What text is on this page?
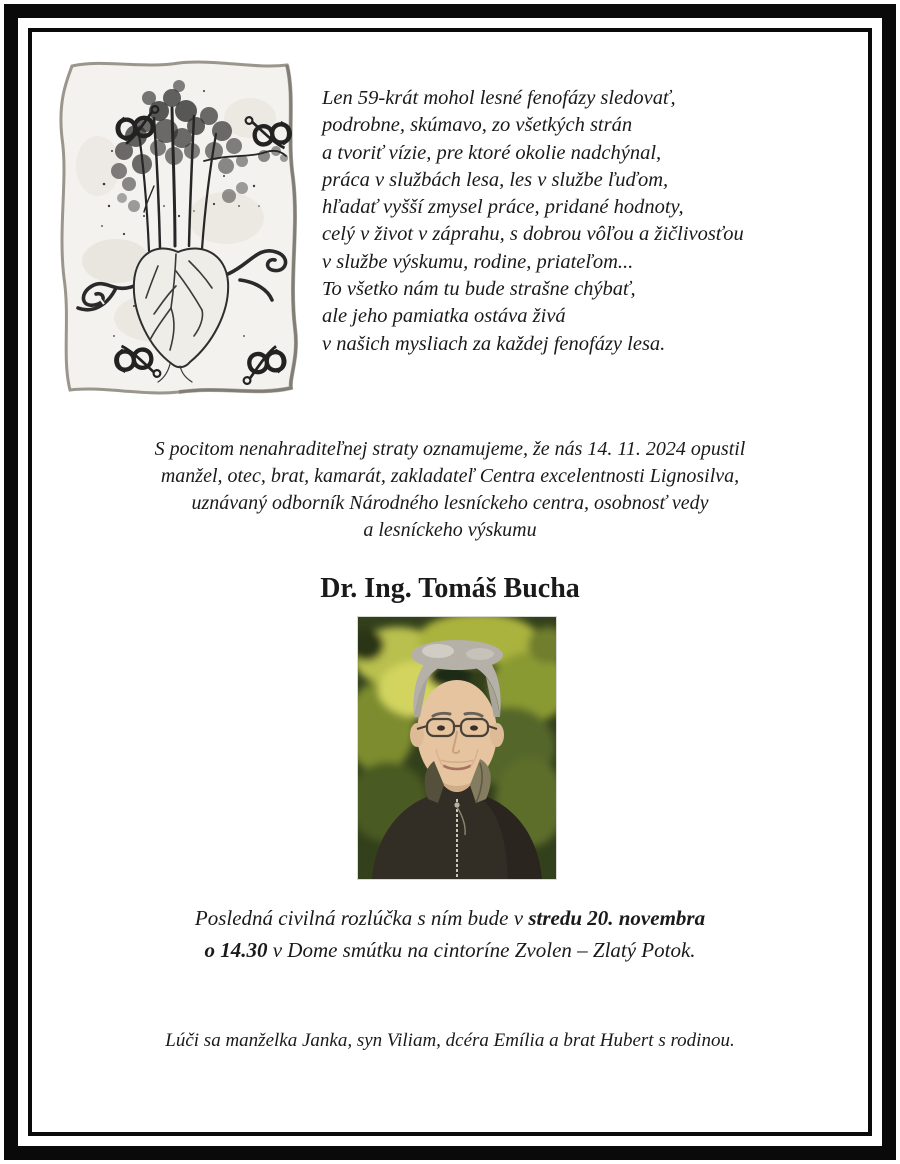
Len 59-krát mohol lesné fenofázy sledovať,
podrobne, skúmavo, zo všetkých strán
a tvoriť vízie, pre ktoré okolie nadchýnal,
práca v službách lesa, les v službe ľuďom,
hľadať vyšší zmysel práce, pridané hodnoty,
celý v život v záprahu, s dobrou vôľou a žičlivosťou
v službe výskumu, rodine, priateľom...
To všetko nám tu bude strašne chýbať,
ale jeho pamiatka ostáva živá
v našich mysliach za každej fenofázy lesa.
S pocitom nenahraditeľnej straty oznamujeme, že nás 14. 11. 2024 opustil
manžel, otec, brat, kamarát, zakladateľ Centra excelentnosti Lignosilva,
uznávaný odborník Národného lesníckeho centra, osobnosť vedy
a lesníckeho výskumu
Dr. Ing. Tomáš Bucha
Posledná civilná rozlúčka s ním bude v stredu 20. novembra
o 14.30 v Dome smútku na cintoríne Zvolen – Zlatý Potok.
Lúči sa manželka Janka, syn Viliam, dcéra Emília a brat Hubert s rodinou.
